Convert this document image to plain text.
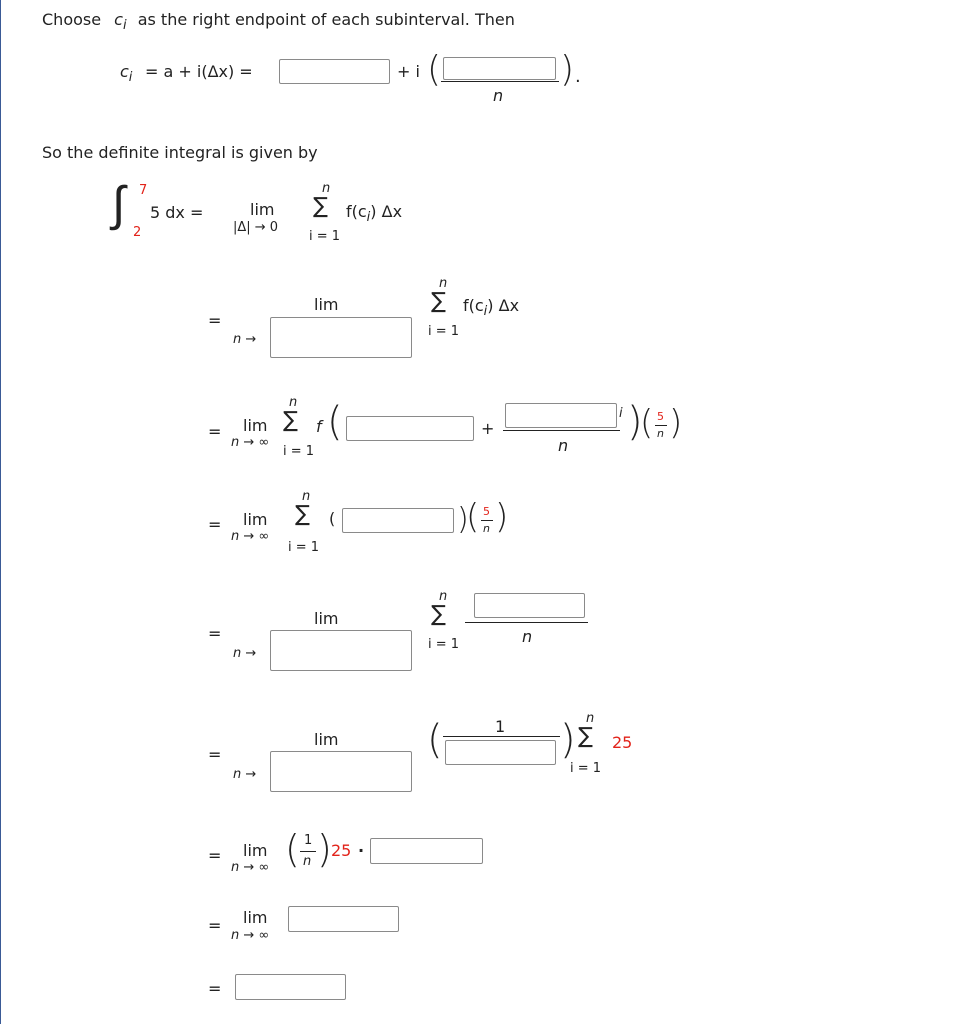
Choose $c_i$ as the right endpoint of each subinterval. Then
$c_i = a + i(\Delta x)$ =	+ i (
n
) .
So the definite integral is given by
∫ 7
2
5 dx =	lim
|Δ| → 0
n
∑
i = 1
$f(c_i)$ Δx
=
lim
n →
n
∑
i = 1
$f(c_i)$ Δx
= lim
n → ∞
n
∑
i = 1
f (	+
n
i )
( 5
n )
= lim
n → ∞
n
∑
i = 1
(	)
( 5
n )
=
lim
n →
n
∑
i = 1	n
=
lim
n →
(	1 ) n
∑
i = 1
25
= lim
n → ∞ ( 1
n ) 25 ·
= lim
n → ∞
=
